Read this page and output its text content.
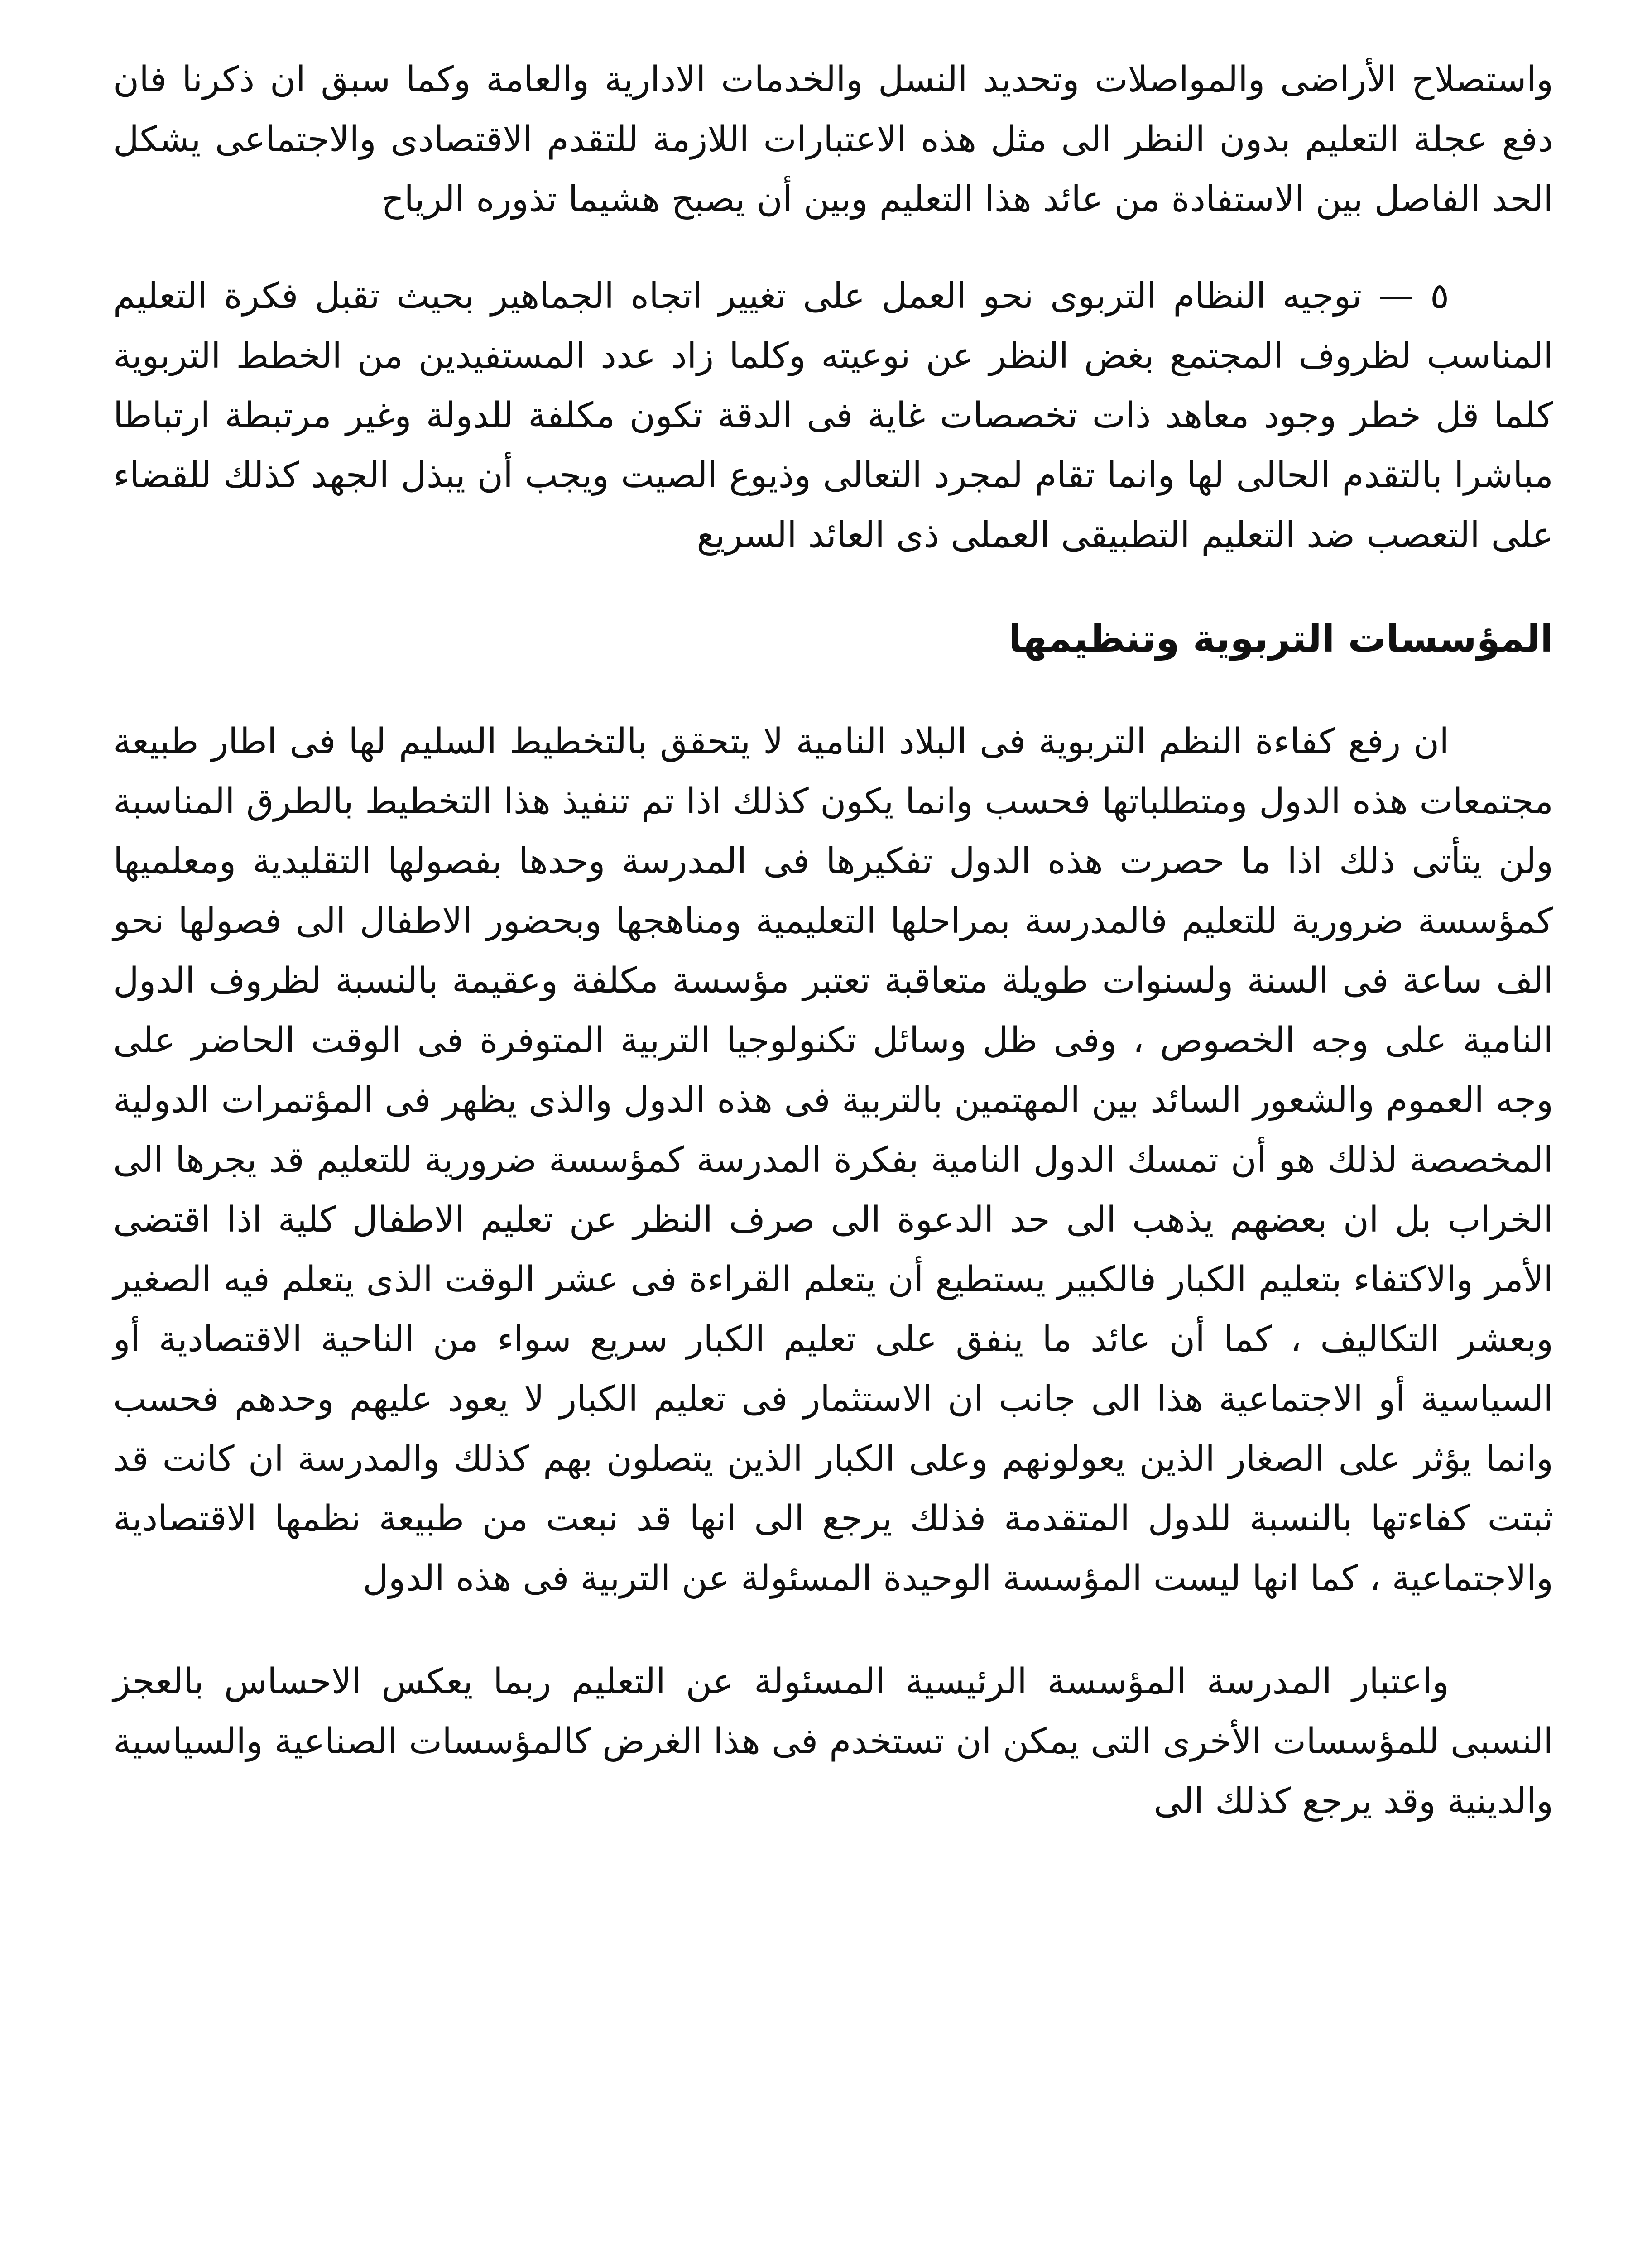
واستصلاح الأراضى والمواصلات وتحديد النسل والخدمات الادارية والعامة وكما سبق ان ذكرنا فان دفع عجلة التعليم بدون النظر الى مثل هذه الاعتبارات اللازمة للتقدم الاقتصادى والاجتماعى يشكل الحد الفاصل بين الاستفادة من عائد هذا التعليم وبين أن يصبح هشيما تذوره الرياح

٥ — توجيه النظام التربوى نحو العمل على تغيير اتجاه الجماهير بحيث تقبل فكرة التعليم المناسب لظروف المجتمع بغض النظر عن نوعيته وكلما زاد عدد المستفيدين من الخطط التربوية كلما قل خطر وجود معاهد ذات تخصصات غاية فى الدقة تكون مكلفة للدولة وغير مرتبطة ارتباطا مباشرا بالتقدم الحالى لها وانما تقام لمجرد التعالى وذيوع الصيت ويجب أن يبذل الجهد كذلك للقضاء على التعصب ضد التعليم التطبيقى العملى ذى العائد السريع

المؤسسات التربوية وتنظيمها

ان رفع كفاءة النظم التربوية فى البلاد النامية لا يتحقق بالتخطيط السليم لها فى اطار طبيعة مجتمعات هذه الدول ومتطلباتها فحسب وانما يكون كذلك اذا تم تنفيذ هذا التخطيط بالطرق المناسبة ولن يتأتى ذلك اذا ما حصرت هذه الدول تفكيرها فى المدرسة وحدها بفصولها التقليدية ومعلميها كمؤسسة ضرورية للتعليم فالمدرسة بمراحلها التعليمية ومناهجها وبحضور الاطفال الى فصولها نحو الف ساعة فى السنة ولسنوات طويلة متعاقبة تعتبر مؤسسة مكلفة وعقيمة بالنسبة لظروف الدول النامية على وجه الخصوص ، وفى ظل وسائل تكنولوجيا التربية المتوفرة فى الوقت الحاضر على وجه العموم والشعور السائد بين المهتمين بالتربية فى هذه الدول والذى يظهر فى المؤتمرات الدولية المخصصة لذلك هو أن تمسك الدول النامية بفكرة المدرسة كمؤسسة ضرورية للتعليم قد يجرها الى الخراب بل ان بعضهم يذهب الى حد الدعوة الى صرف النظر عن تعليم الاطفال كلية اذا اقتضى الأمر والاكتفاء بتعليم الكبار فالكبير يستطيع أن يتعلم القراءة فى عشر الوقت الذى يتعلم فيه الصغير وبعشر التكاليف ، كما أن عائد ما ينفق على تعليم الكبار سريع سواء من الناحية الاقتصادية أو السياسية أو الاجتماعية هذا الى جانب ان الاستثمار فى تعليم الكبار لا يعود عليهم وحدهم فحسب وانما يؤثر على الصغار الذين يعولونهم وعلى الكبار الذين يتصلون بهم كذلك والمدرسة ان كانت قد ثبتت كفاءتها بالنسبة للدول المتقدمة فذلك يرجع الى انها قد نبعت من طبيعة نظمها الاقتصادية والاجتماعية ، كما انها ليست المؤسسة الوحيدة المسئولة عن التربية فى هذه الدول

واعتبار المدرسة المؤسسة الرئيسية المسئولة عن التعليم ربما يعكس الاحساس بالعجز النسبى للمؤسسات الأخرى التى يمكن ان تستخدم فى هذا الغرض كالمؤسسات الصناعية والسياسية والدينية وقد يرجع كذلك الى
